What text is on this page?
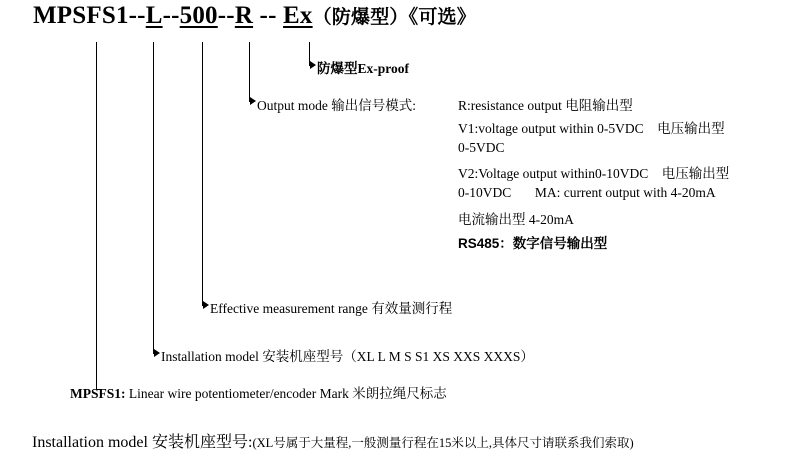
MPSFS1--L--500--R -- Ex（防爆型）《可选》
防爆型Ex-proof
Output mode 输出信号模式:	R:resistance output 电阻输出型
V1:voltage output within 0-5VDC    电压输出型
0-5VDC
V2:Voltage output within0-10VDC    电压输出型
0-10VDC       MA: current output with 4-20mA
电流输出型 4-20mA
RS485：数字信号输出型
Effective measurement range 有效量测行程
Installation model 安装机座型号（XL L M S S1 XS XXS XXXS）
MPSFS1: Linear wire potentiometer/encoder Mark 米朗拉绳尺标志
Installation model 安装机座型号:(XL号属于大量程,一般测量行程在15米以上,具体尺寸请联系我们索取)
